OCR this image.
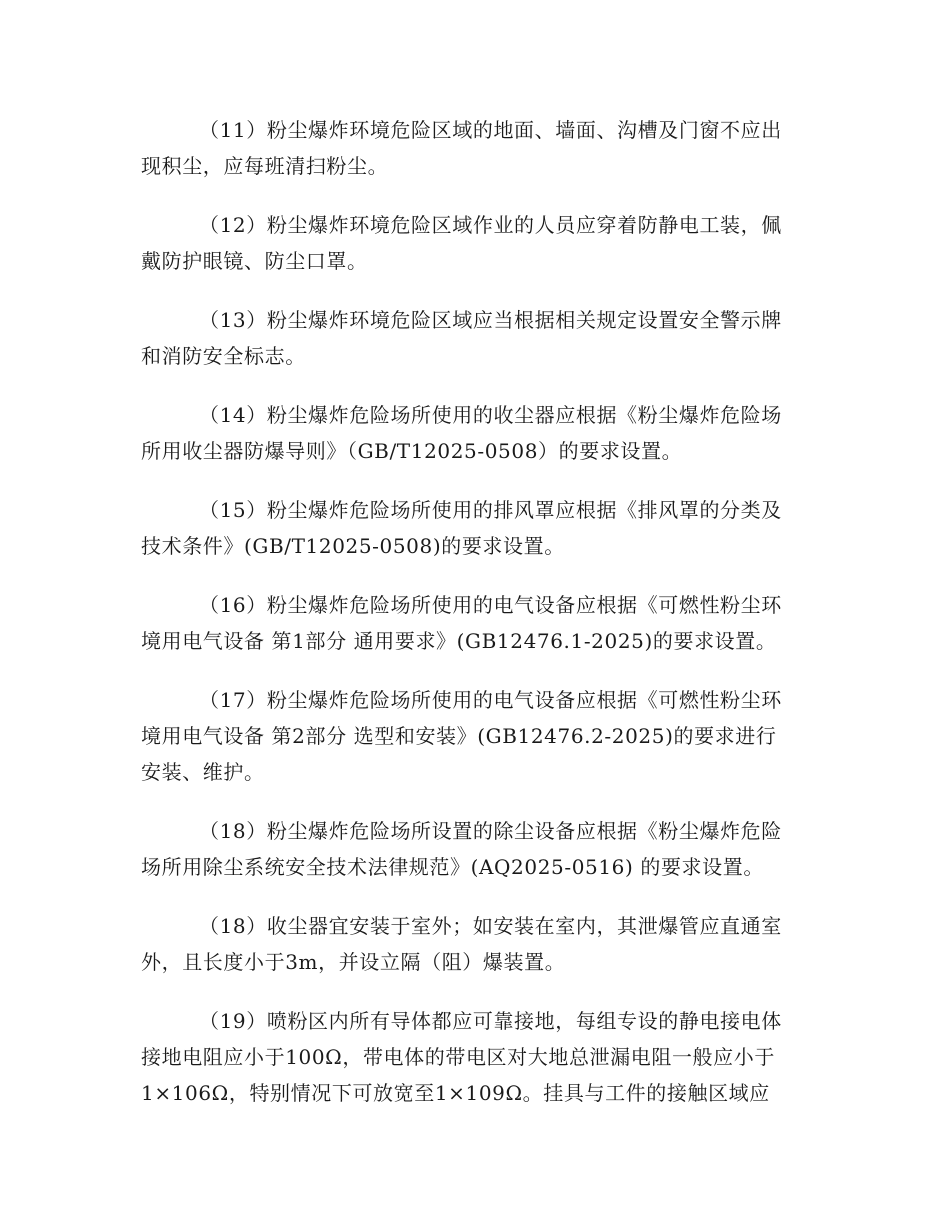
（11）粉尘爆炸环境危险区域的地面、墙面、沟槽及门窗不应出
现积尘，应每班清扫粉尘。
（12）粉尘爆炸环境危险区域作业的人员应穿着防静电工装，佩
戴防护眼镜、防尘口罩。
（13）粉尘爆炸环境危险区域应当根据相关规定设置安全警示牌
和消防安全标志。
（14）粉尘爆炸危险场所使用的收尘器应根据《粉尘爆炸危险场
所用收尘器防爆导则》（GB/T12025-0508）的要求设置。
（15）粉尘爆炸危险场所使用的排风罩应根据《排风罩的分类及
技术条件》(GB/T12025-0508)的要求设置。
（16）粉尘爆炸危险场所使用的电气设备应根据《可燃性粉尘环
境用电气设备 第1部分 通用要求》(GB12476.1-2025)的要求设置。
（17）粉尘爆炸危险场所使用的电气设备应根据《可燃性粉尘环
境用电气设备 第2部分 选型和安装》(GB12476.2-2025)的要求进行
安装、维护。
（18）粉尘爆炸危险场所设置的除尘设备应根据《粉尘爆炸危险
场所用除尘系统安全技术法律规范》(AQ2025-0516) 的要求设置。
（18）收尘器宜安装于室外；如安装在室内，其泄爆管应直通室
外，且长度小于3m，并设立隔（阻）爆装置。
（19）喷粉区内所有导体都应可靠接地，每组专设的静电接电体
接地电阻应小于100Ω，带电体的带电区对大地总泄漏电阻一般应小于
1×106Ω，特别情况下可放宽至1×109Ω。挂具与工件的接触区域应
